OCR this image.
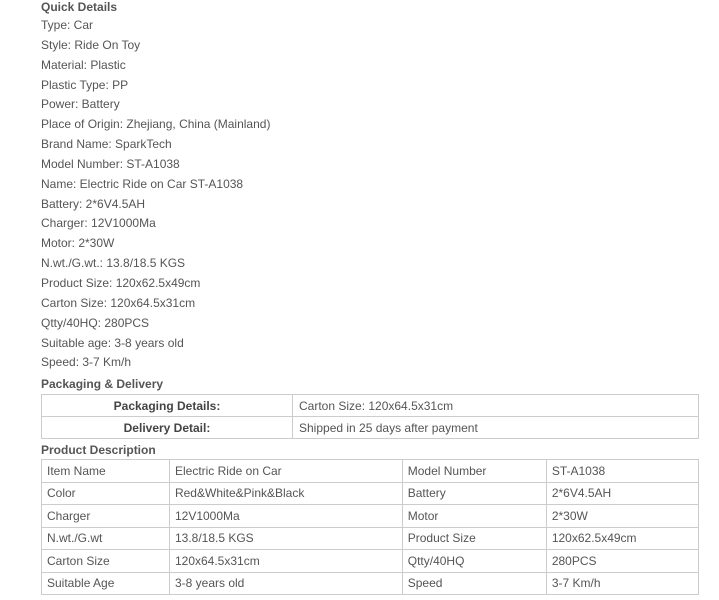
Quick Details
Type: Car
Style: Ride On Toy
Material: Plastic
Plastic Type: PP
Power: Battery
Place of Origin: Zhejiang, China (Mainland)
Brand Name: SparkTech
Model Number: ST-A1038
Name: Electric Ride on Car ST-A1038
Battery: 2*6V4.5AH
Charger: 12V1000Ma
Motor: 2*30W
N.wt./G.wt.: 13.8/18.5 KGS
Product Size: 120x62.5x49cm
Carton Size: 120x64.5x31cm
Qtty/40HQ: 280PCS
Suitable age: 3-8 years old
Speed: 3-7 Km/h
Packaging & Delivery
Packaging Details:	Carton Size: 120x64.5x31cm
Delivery Detail:	Shipped in 25 days after payment
Product Description
Item Name	Electric Ride on Car	Model Number	ST-A1038
Color	Red&White&Pink&Black	Battery	2*6V4.5AH
Charger	12V1000Ma	Motor	2*30W
N.wt./G.wt	13.8/18.5 KGS	Product Size	120x62.5x49cm
Carton Size	120x64.5x31cm	Qtty/40HQ	280PCS
Suitable Age	3-8 years old	Speed	3-7 Km/h
